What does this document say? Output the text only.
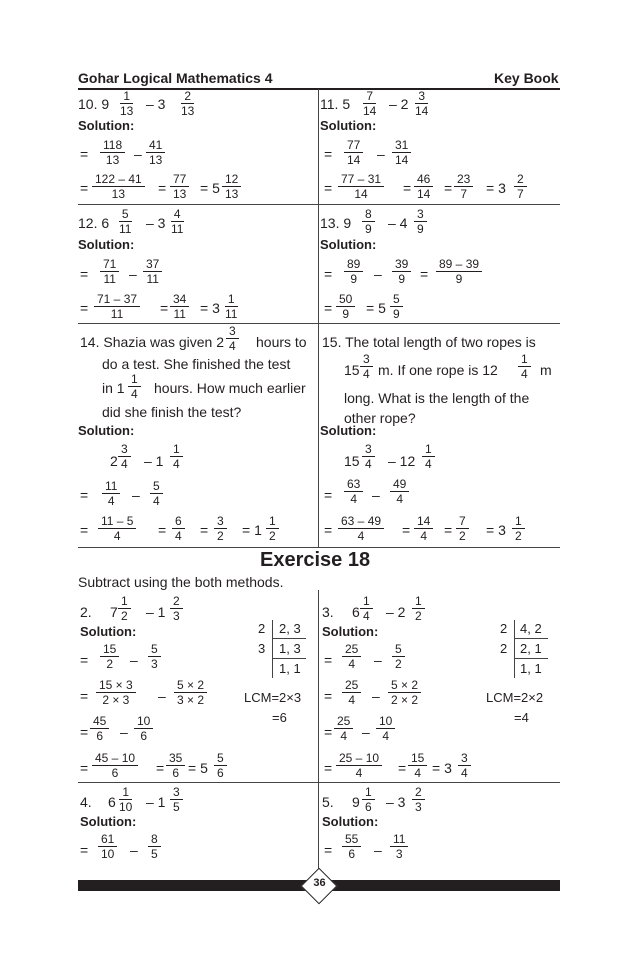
Gohar Logical Mathematics 4	Key Book
10. $9 \frac{1}{13} - 3 \frac{2}{13}$
Solution:
= $\frac{118}{13} - \frac{41}{13}$
= $\frac{122 - 41}{13} = \frac{77}{13} = 5 \frac{12}{13}$
11. $5 \frac{7}{14} - 2 \frac{3}{14}$
Solution:
= $\frac{77}{14} - \frac{31}{14}$
= $\frac{77 - 31}{14} = \frac{46}{14} = \frac{23}{7} = 3 \frac{2}{7}$
12. $6 \frac{5}{11} - 3 \frac{4}{11}$
Solution:
= $\frac{71}{11} - \frac{37}{11}$
= $\frac{71 - 37}{11} = \frac{34}{11} = 3 \frac{1}{11}$
13. $9 \frac{8}{9} - 4 \frac{3}{9}$
Solution:
= $\frac{89}{9} - \frac{39}{9} = \frac{89 - 39}{9}$
= $\frac{50}{9} = 5 \frac{5}{9}$
14. Shazia was given $2 \frac{3}{4}$ hours to
do a test. She finished the test
in $1 \frac{1}{4}$ hours. How much earlier
did she finish the test?
Solution:
$2 \frac{3}{4} - 1 \frac{1}{4}$
= $\frac{11}{4} - \frac{5}{4}$
= $\frac{11 - 5}{4} = \frac{6}{4} = \frac{3}{2} = 1 \frac{1}{2}$
15. The total length of two ropes is
$15 \frac{3}{4} m$. If one rope is $12 \frac{1}{4}$ m
long. What is the length of the
other rope?
Solution:
$15 \frac{3}{4} - 12 \frac{1}{4}$
= $\frac{63}{4} - \frac{49}{4}$
= $\frac{63 - 49}{4} = \frac{14}{4} = \frac{7}{2} = 3 \frac{1}{2}$
Exercise 18
Subtract using the both methods.
2. $7 \frac{1}{2} - 1 \frac{2}{3}$
Solution:	2 2, 3
3 1, 3
1, 1
= $\frac{15}{2} - \frac{5}{3}$
= $\frac{15 \times 3}{2 \times 3} - \frac{5 \times 2}{3 \times 2}$	LCM=2×3
=6
= $\frac{45}{6} - \frac{10}{6}$
= $\frac{45 - 10}{6} = \frac{35}{6} = 5 \frac{5}{6}$
3. $6 \frac{1}{4} - 2 \frac{1}{2}$
Solution:	2 4, 2
2 2, 1
1, 1
= $\frac{25}{4} - \frac{5}{2}$
= $\frac{25}{4} - \frac{5 \times 2}{2 \times 2}$	LCM=2×2
=4
= $\frac{25}{4} - \frac{10}{4}$
= $\frac{25 - 10}{4} = \frac{15}{4} = 3 \frac{3}{4}$
4. $6 \frac{1}{10} - 1 \frac{3}{5}$
Solution:
= $\frac{61}{10} - \frac{8}{5}$
5. $9 \frac{1}{6} - 3 \frac{2}{3}$
Solution:
= $\frac{55}{6} - \frac{11}{3}$
36
